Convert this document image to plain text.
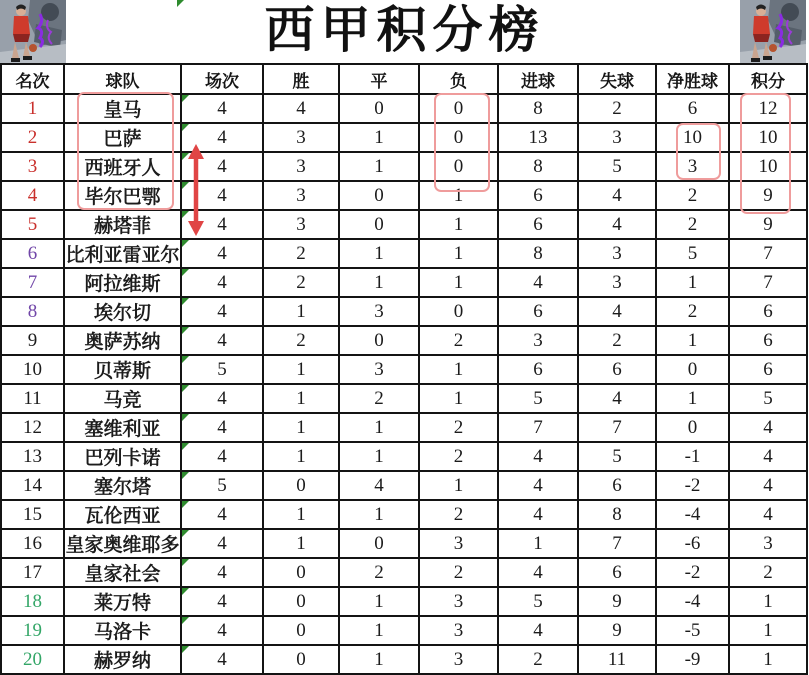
西甲积分榜
名次	球队	场次	胜	平	负	进球	失球	净胜球	积分
1	皇马	4	4	0	0	8	2	6	12
2	巴萨	4	3	1	0	13	3	10	10
3	西班牙人	4	3	1	0	8	5	3	10
4	毕尔巴鄂	4	3	0	1	6	4	2	9
5	赫塔菲	4	3	0	1	6	4	2	9
6	比利亚雷亚尔	4	2	1	1	8	3	5	7
7	阿拉维斯	4	2	1	1	4	3	1	7
8	埃尔切	4	1	3	0	6	4	2	6
9	奥萨苏纳	4	2	0	2	3	2	1	6
10	贝蒂斯	5	1	3	1	6	6	0	6
11	马竞	4	1	2	1	5	4	1	5
12	塞维利亚	4	1	1	2	7	7	0	4
13	巴列卡诺	4	1	1	2	4	5	-1	4
14	塞尔塔	5	0	4	1	4	6	-2	4
15	瓦伦西亚	4	1	1	2	4	8	-4	4
16	皇家奥维耶多	4	1	0	3	1	7	-6	3
17	皇家社会	4	0	2	2	4	6	-2	2
18	莱万特	4	0	1	3	5	9	-4	1
19	马洛卡	4	0	1	3	4	9	-5	1
20	赫罗纳	4	0	1	3	2	11	-9	1
